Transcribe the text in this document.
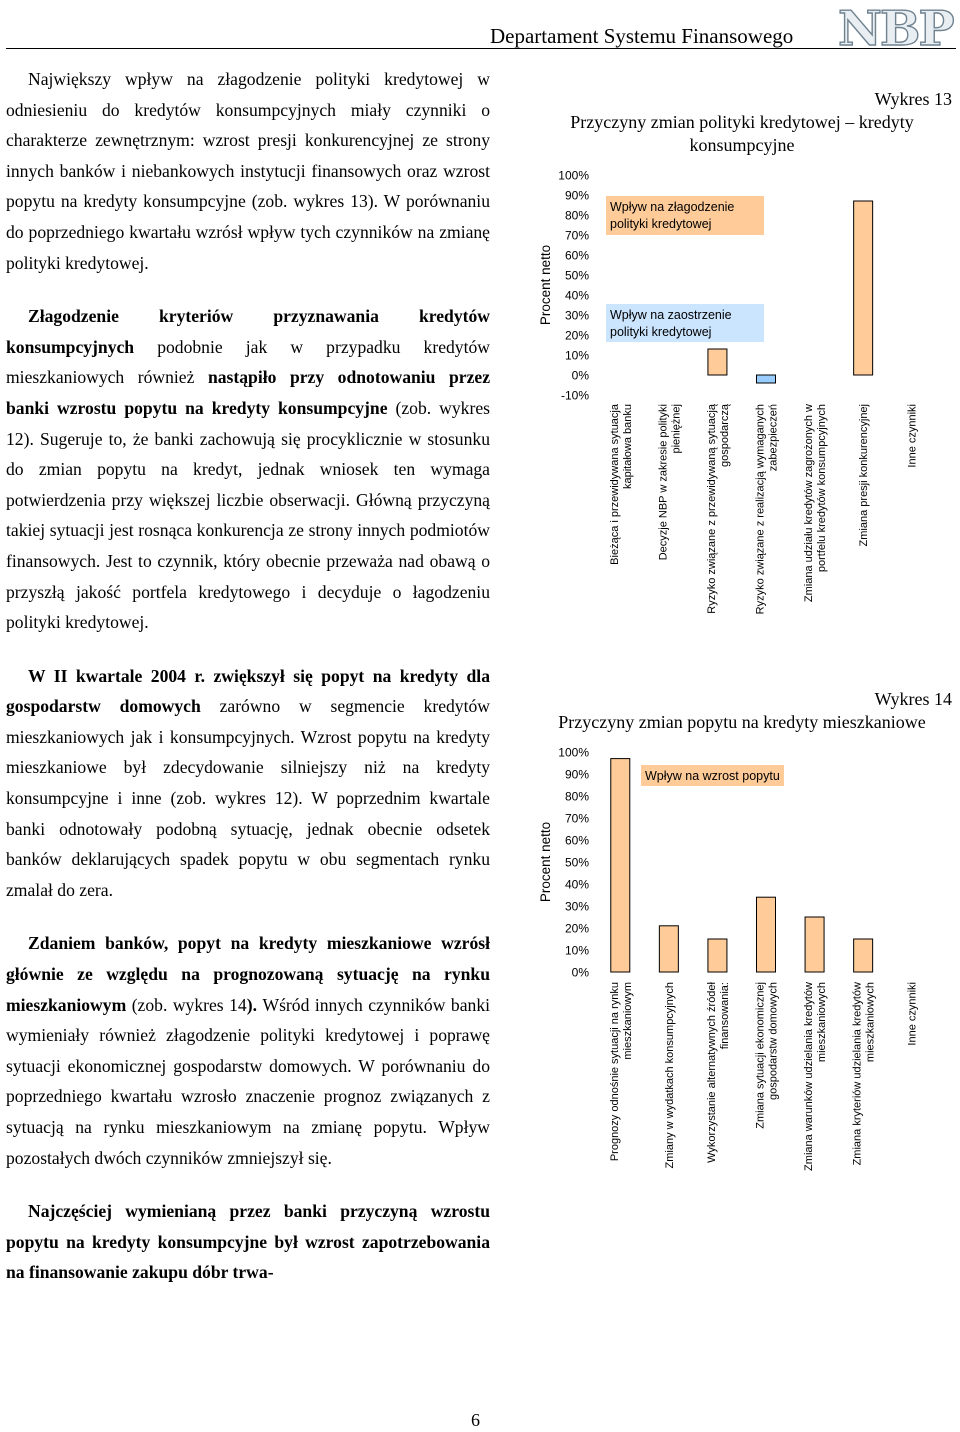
Departament Systemu Finansowego NBP

Największy wpływ na złagodzenie polityki kredytowej w odniesieniu do kredytów konsumpcyjnych miały czynniki o charakterze zewnętrznym: wzrost presji konkurencyjnej ze strony innych banków i niebankowych instytucji finansowych oraz wzrost popytu na kredyty konsumpcyjne (zob. wykres 13). W porównaniu do poprzedniego kwartału wzrósł wpływ tych czynników na zmianę polityki kredytowej.

Złagodzenie kryteriów przyznawania kredytów konsumpcyjnych podobnie jak w przypadku kredytów mieszkaniowych również nastąpiło przy odnotowaniu przez banki wzrostu popytu na kredyty konsumpcyjne (zob. wykres 12). Sugeruje to, że banki zachowują się procyklicznie w stosunku do zmian popytu na kredyt, jednak wniosek ten wymaga potwierdzenia przy większej liczbie obserwacji. Główną przyczyną takiej sytuacji jest rosnąca konkurencja ze strony innych podmiotów finansowych. Jest to czynnik, który obecnie przeważa nad obawą o przyszłą jakość portfela kredytowego i decyduje o łagodzeniu polityki kredytowej.

W II kwartale 2004 r. zwiększył się popyt na kredyty dla gospodarstw domowych zarówno w segmencie kredytów mieszkaniowych jak i konsumpcyjnych. Wzrost popytu na kredyty mieszkaniowe był zdecydowanie silniejszy niż na kredyty konsumpcyjne i inne (zob. wykres 12). W poprzednim kwartale banki odnotowały podobną sytuację, jednak obecnie odsetek banków deklarujących spadek popytu w obu segmentach rynku zmalał do zera.

Zdaniem banków, popyt na kredyty mieszkaniowe wzrósł głównie ze względu na prognozowaną sytuację na rynku mieszkaniowym (zob. wykres 14). Wśród innych czynników banki wymieniały również złagodzenie polityki kredytowej i poprawę sytuacji ekonomicznej gospodarstw domowych. W porównaniu do poprzedniego kwartału wzrosło znaczenie prognoz związanych z sytuacją na rynku mieszkaniowym na zmianę popytu. Wpływ pozostałych dwóch czynników zmniejszył się.

Najczęściej wymienianą przez banki przyczyną wzrostu popytu na kredyty konsumpcyjne był wzrost zapotrzebowania na finansowanie zakupu dóbr trwa-

Wykres 13
Przyczyny zmian polityki kredytowej – kredyty konsumpcyjne
Procent netto
100%
90%
80%
70%
60%
50%
40%
30%
20%
10%
0%
-10%
Bieżąca i przewidywana sytuacjakapitałowa banku Decyzje NBP w zakresie politykipieniężnej Ryzyko związane z przewidywaną sytuacjągospodarczą Ryzyko związane z realizacją wymaganychzabezpieczeń Zmiana udziału kredytów zagrożonych wportfelu kredytów konsumpcyjnych	Zmiana presji konkurencyjnej	Inne czynniki
Wpływ na złagodzenie polityki kredytowej
Wpływ na zaostrzenie polityki kredytowej
Wykres 14
Przyczyny zmian popytu na kredyty mieszkaniowe
Procent netto
100%
90%
80%
70%
60%
50%
40%
30%
20%
10%
0%
Prognozy odnośnie sytuacji na rynkumieszkaniowym	Zmiany w wydatkach konsumpcyjnych	Wykorzystanie alternatywnych źródełfinansowania: Zmiana sytuacji ekonomicznejgospodarstw domowych Zmiana warunków udzielania kredytówmieszkaniowych Zmiana kryteriów udzielania kredytówmieszkaniowych	Inne czynniki
Wpływ na wzrost popytu
6
